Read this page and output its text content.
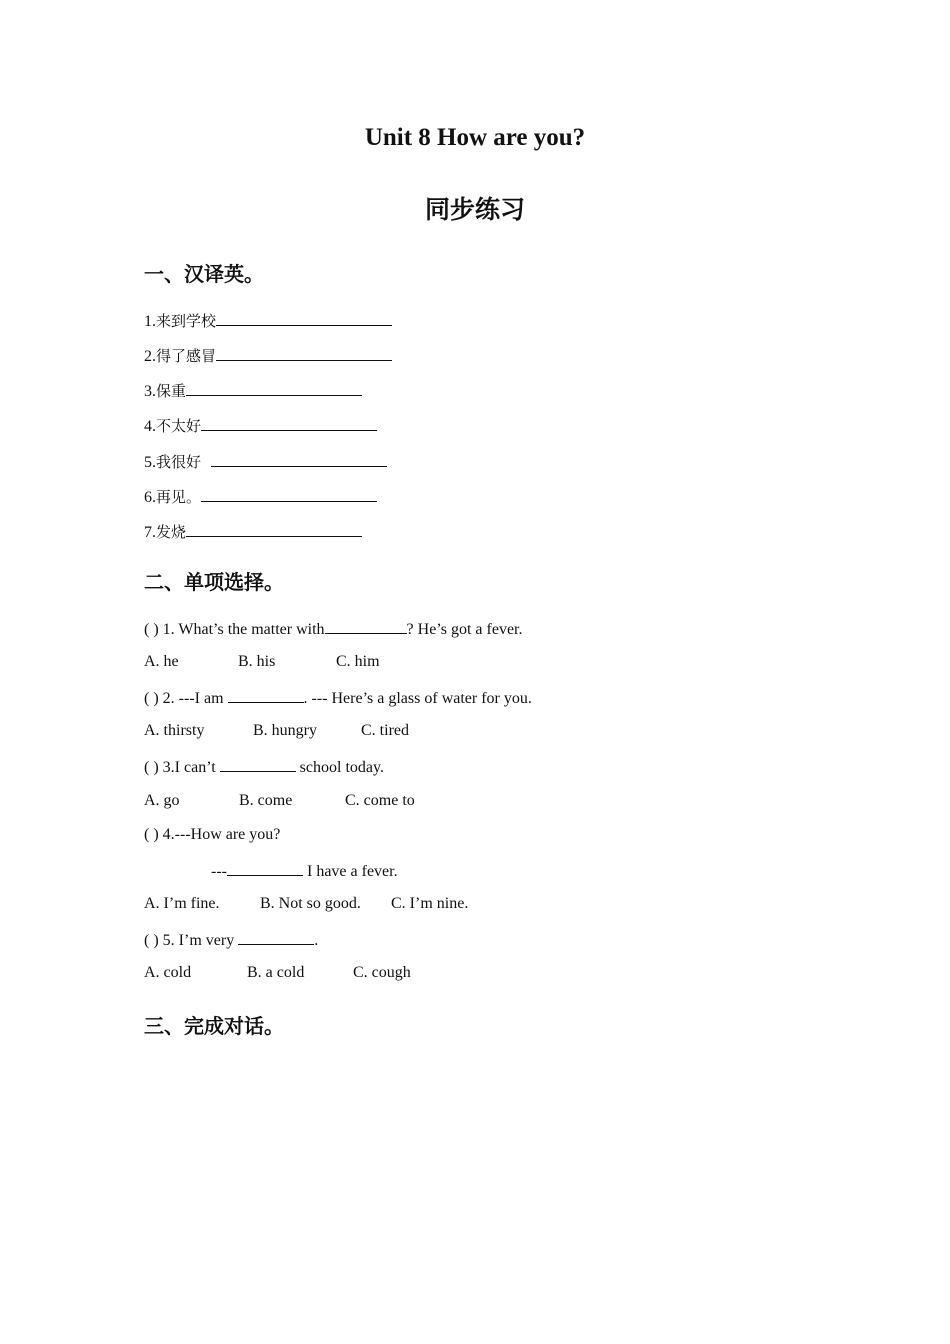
Unit 8 How are you?
同步练习
一、汉译英。
1.来到学校
2.得了感冒
3.保重
4.不太好
5.我很好
6.再见。
7.发烧
二、单项选择。
( ) 1. What’s the matter with	? He’s got a fever.
A. he	B. his	C. him
( ) 2. ---I am	. --- Here’s a glass of water for you.
A. thirsty	B. hungry	C. tired
( ) 3.I can’t	school today.
A. go	B. come	C. come to
( ) 4.---How are you?
---	I have a fever.
A. I’m fine.	B. Not so good. C. I’m nine.
( ) 5. I’m very	.
A. cold	B. a cold	C. cough
三、完成对话。
